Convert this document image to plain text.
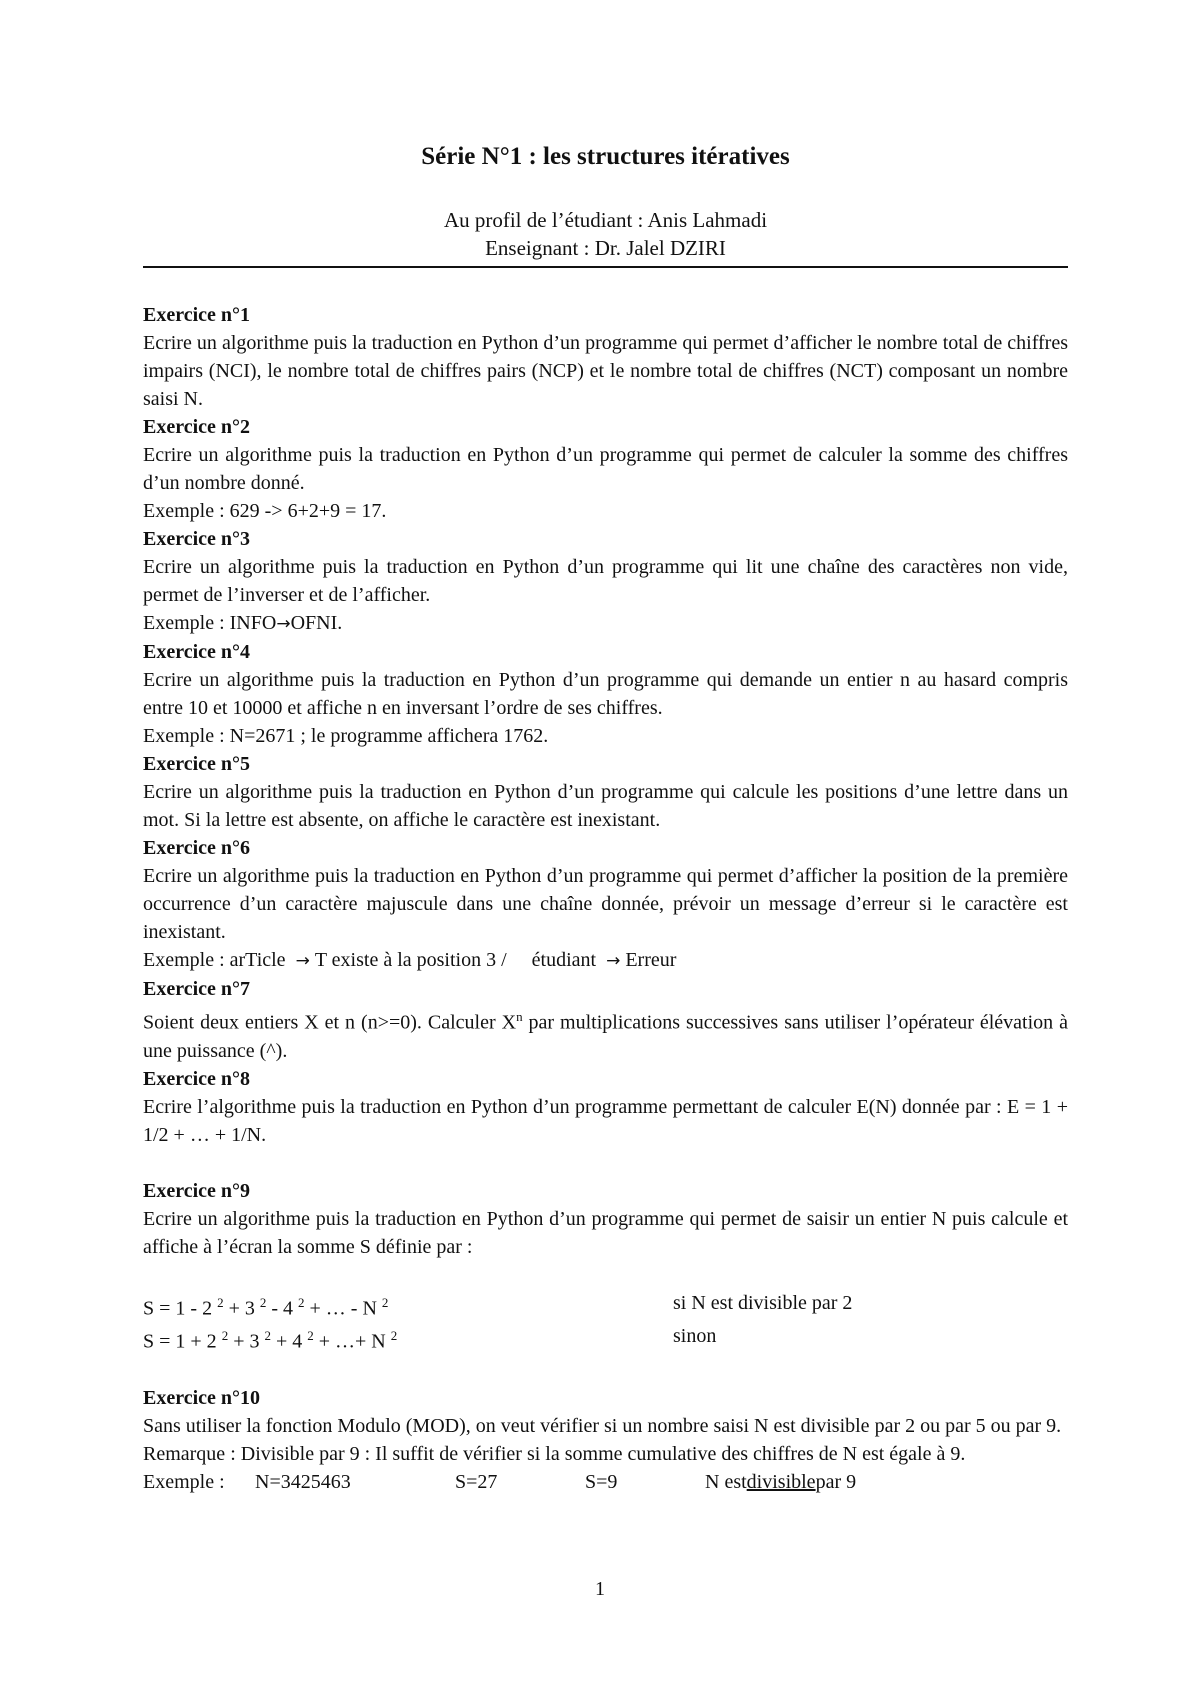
Série N°1 : les structures itératives
Au profil de l’étudiant : Anis Lahmadi
Enseignant : Dr. Jalel DZIRI
Exercice n°1
Ecrire un algorithme puis la traduction en Python d’un programme qui permet d’afficher le nombre total de chiffres impairs (NCI), le nombre total de chiffres pairs (NCP) et le nombre total de chiffres (NCT) composant un nombre saisi N.
Exercice n°2
Ecrire un algorithme puis la traduction en Python d’un programme qui permet de calculer la somme des chiffres d’un nombre donné.
Exemple : 629 -> 6+2+9 = 17.
Exercice n°3
Ecrire un algorithme puis la traduction en Python d’un programme qui lit une chaîne des caractères non vide, permet de l’inverser et de l’afficher.
Exemple : INFO→OFNI.
Exercice n°4
Ecrire un algorithme puis la traduction en Python d’un programme qui demande un entier n au hasard compris entre 10 et 10000 et affiche n en inversant l’ordre de ses chiffres.
Exemple : N=2671 ; le programme affichera 1762.
Exercice n°5
Ecrire un algorithme puis la traduction en Python d’un programme qui calcule les positions d’une lettre dans un mot. Si la lettre est absente, on affiche le caractère est inexistant.
Exercice n°6
Ecrire un algorithme puis la traduction en Python d’un programme qui permet d’afficher la position de la première occurrence d’un caractère majuscule dans une chaîne donnée, prévoir un message d’erreur si le caractère est inexistant.
Exemple : arTicle → T existe à la position 3 / étudiant → Erreur
Exercice n°7
Soient deux entiers X et n (n>=0). Calculer $X^n$ par multiplications successives sans utiliser l’opérateur élévation à une puissance (^).
Exercice n°8
Ecrire l’algorithme puis la traduction en Python d’un programme permettant de calculer E(N) donnée par : E = 1 + 1/2 + … + 1/N.
Exercice n°9
Ecrire un algorithme puis la traduction en Python d’un programme qui permet de saisir un entier N puis calcule et affiche à l’écran la somme S définie par :
S = 1 - 2 $^2$ + 3 $^2$ - 4 $^2$ + … - N $^2$	si N est divisible par 2
S = 1 + 2 $^2$ + 3 $^2$ + 4 $^2$ + …+ N $^2$	sinon
Exercice n°10
Sans utiliser la fonction Modulo (MOD), on veut vérifier si un nombre saisi N est divisible par 2 ou par 5 ou par 9.
Remarque : Divisible par 9 : Il suffit de vérifier si la somme cumulative des chiffres de N est égale à 9.
Exemple :	N=3425463	S=27	S=9	N estdivisiblepar 9
1
